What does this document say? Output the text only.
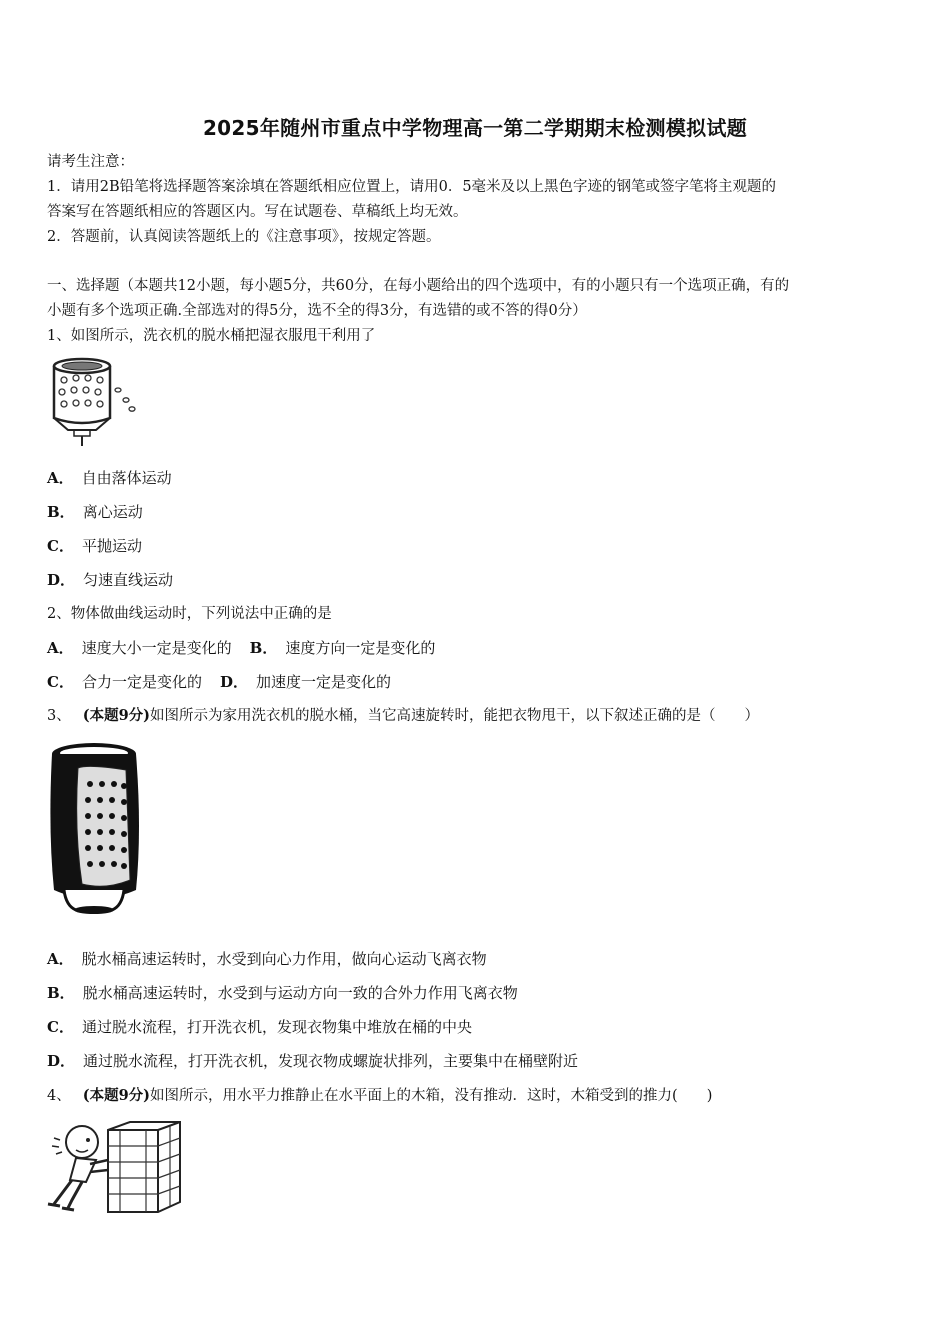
2025年随州市重点中学物理高一第二学期期末检测模拟试题
请考生注意：
1．请用2B铅笔将选择题答案涂填在答题纸相应位置上，请用0．5毫米及以上黑色字迹的钢笔或签字笔将主观题的
答案写在答题纸相应的答题区内。写在试题卷、草稿纸上均无效。
2．答题前，认真阅读答题纸上的《注意事项》，按规定答题。
一、选择题（本题共12小题，每小题5分，共60分，在每小题给出的四个选项中，有的小题只有一个选项正确，有的
小题有多个选项正确.全部选对的得5分，选不全的得3分，有选错的或不答的得0分）
1、如图所示，洗衣机的脱水桶把湿衣服甩干利用了
A． 自由落体运动
B． 离心运动
C． 平抛运动
D． 匀速直线运动
2、物体做曲线运动时，下列说法中正确的是
A． 速度大小一定是变化的 B． 速度方向一定是变化的
C． 合力一定是变化的 D． 加速度一定是变化的
3、 (本题9分)如图所示为家用洗衣机的脱水桶，当它高速旋转时，能把衣物甩干，以下叙述正确的是（　　）
A． 脱水桶高速运转时，水受到向心力作用，做向心运动飞离衣物
B． 脱水桶高速运转时，水受到与运动方向一致的合外力作用飞离衣物
C． 通过脱水流程，打开洗衣机，发现衣物集中堆放在桶的中央
D． 通过脱水流程，打开洗衣机，发现衣物成螺旋状排列，主要集中在桶壁附近
4、 (本题9分)如图所示，用水平力推静止在水平面上的木箱，没有推动．这时，木箱受到的推力(　　)
